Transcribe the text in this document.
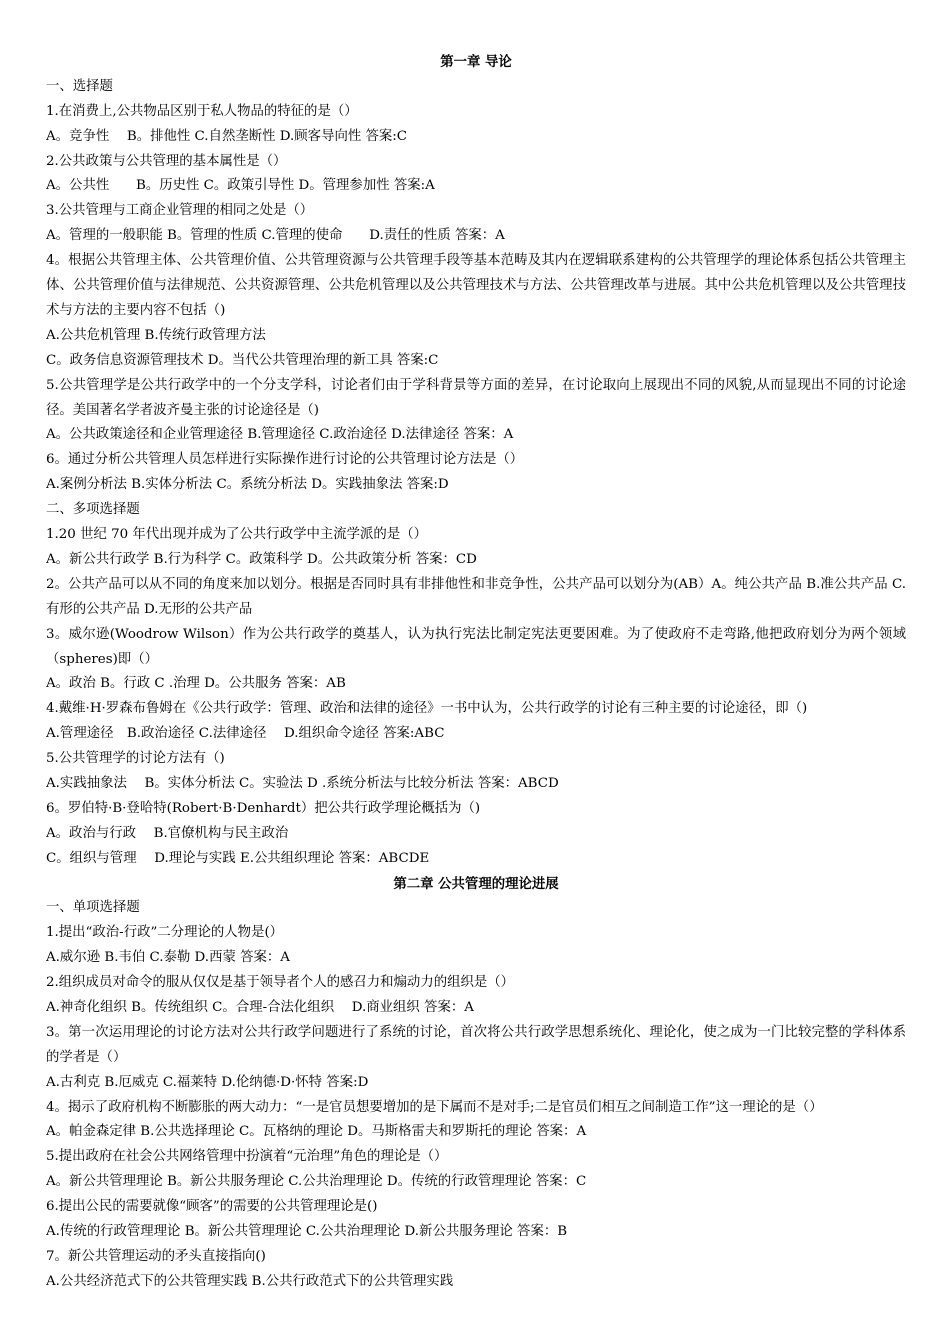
第一章 导论
一、选择题
1.在消费上,公共物品区别于私人物品的特征的是（）
A。竞争性　 B。排他性 C.自然垄断性 D.顾客导向性 答案:C
2.公共政策与公共管理的基本属性是（）
A。公共性　　B。历史性 C。政策引导性 D。管理参加性 答案:A
3.公共管理与工商企业管理的相同之处是（）
A。管理的一般职能 B。管理的性质 C.管理的使命　　D.责任的性质 答案：A
4。根据公共管理主体、公共管理价值、公共管理资源与公共管理手段等基本范畴及其内在逻辑联系建构的公共管理学的理论体系包括公共管理主体、公共管理价值与法律规范、公共资源管理、公共危机管理以及公共管理技术与方法、公共管理改革与进展。其中公共危机管理以及公共管理技术与方法的主要内容不包括（)
A.公共危机管理 B.传统行政管理方法
C。政务信息资源管理技术 D。当代公共管理治理的新工具 答案:C
5.公共管理学是公共行政学中的一个分支学科，讨论者们由于学科背景等方面的差异，在讨论取向上展现出不同的风貌,从而显现出不同的讨论途径。美国著名学者波齐曼主张的讨论途径是（)
A。公共政策途径和企业管理途径 B.管理途径 C.政治途径 D.法律途径 答案：A
6。通过分析公共管理人员怎样进行实际操作进行讨论的公共管理讨论方法是（）
A.案例分析法 B.实体分析法 C。系统分析法 D。实践抽象法 答案:D
二、多项选择题
1.20 世纪 70 年代出现并成为了公共行政学中主流学派的是（）
A。新公共行政学 B.行为科学 C。政策科学 D。公共政策分析 答案：CD
2。公共产品可以从不同的角度来加以划分。根据是否同时具有非排他性和非竞争性，公共产品可以划分为(AB）A。纯公共产品 B.准公共产品 C.有形的公共产品 D.无形的公共产品
3。威尔逊(Woodrow Wilson）作为公共行政学的奠基人，认为执行宪法比制定宪法更要困难。为了使政府不走弯路,他把政府划分为两个领域（spheres)即（）
A。政治 B。行政 C .治理 D。公共服务 答案：AB
4.戴维·H·罗森布鲁姆在《公共行政学：管理、政治和法律的途径》一书中认为，公共行政学的讨论有三种主要的讨论途径，即（)
A.管理途径　B.政治途径 C.法律途径　 D.组织命令途径 答案:ABC
5.公共管理学的讨论方法有（)
A.实践抽象法　 B。实体分析法 C。实验法 D .系统分析法与比较分析法 答案：ABCD
6。罗伯特·B·登哈特(Robert·B·Denhardt）把公共行政学理论概括为（)
A。政治与行政　 B.官僚机构与民主政治
C。组织与管理　 D.理论与实践 E.公共组织理论 答案：ABCDE
第二章 公共管理的理论进展
一、单项选择题
1.提出“政治-行政”二分理论的人物是(）
A.威尔逊 B.韦伯 C.泰勒 D.西蒙 答案：A
2.组织成员对命令的服从仅仅是基于领导者个人的感召力和煽动力的组织是（）
A.神奇化组织 B。传统组织 C。合理-合法化组织　 D.商业组织 答案：A
3。第一次运用理论的讨论方法对公共行政学问题进行了系统的讨论，首次将公共行政学思想系统化、理论化，使之成为一门比较完整的学科体系的学者是（）
A.古利克 B.厄威克 C.福莱特 D.伦纳德·D·怀特 答案:D
4。揭示了政府机构不断膨胀的两大动力：“一是官员想要增加的是下属而不是对手;二是官员们相互之间制造工作”这一理论的是（）
A。帕金森定律 B.公共选择理论 C。瓦格纳的理论 D。马斯格雷夫和罗斯托的理论 答案：A
5.提出政府在社会公共网络管理中扮演着“元治理”角色的理论是（）
A。新公共管理理论 B。新公共服务理论 C.公共治理理论 D。传统的行政管理理论 答案：C
6.提出公民的需要就像“顾客”的需要的公共管理理论是()
A.传统的行政管理理论 B。新公共管理理论 C.公共治理理论 D.新公共服务理论 答案：B
7。新公共管理运动的矛头直接指向()
A.公共经济范式下的公共管理实践 B.公共行政范式下的公共管理实践
